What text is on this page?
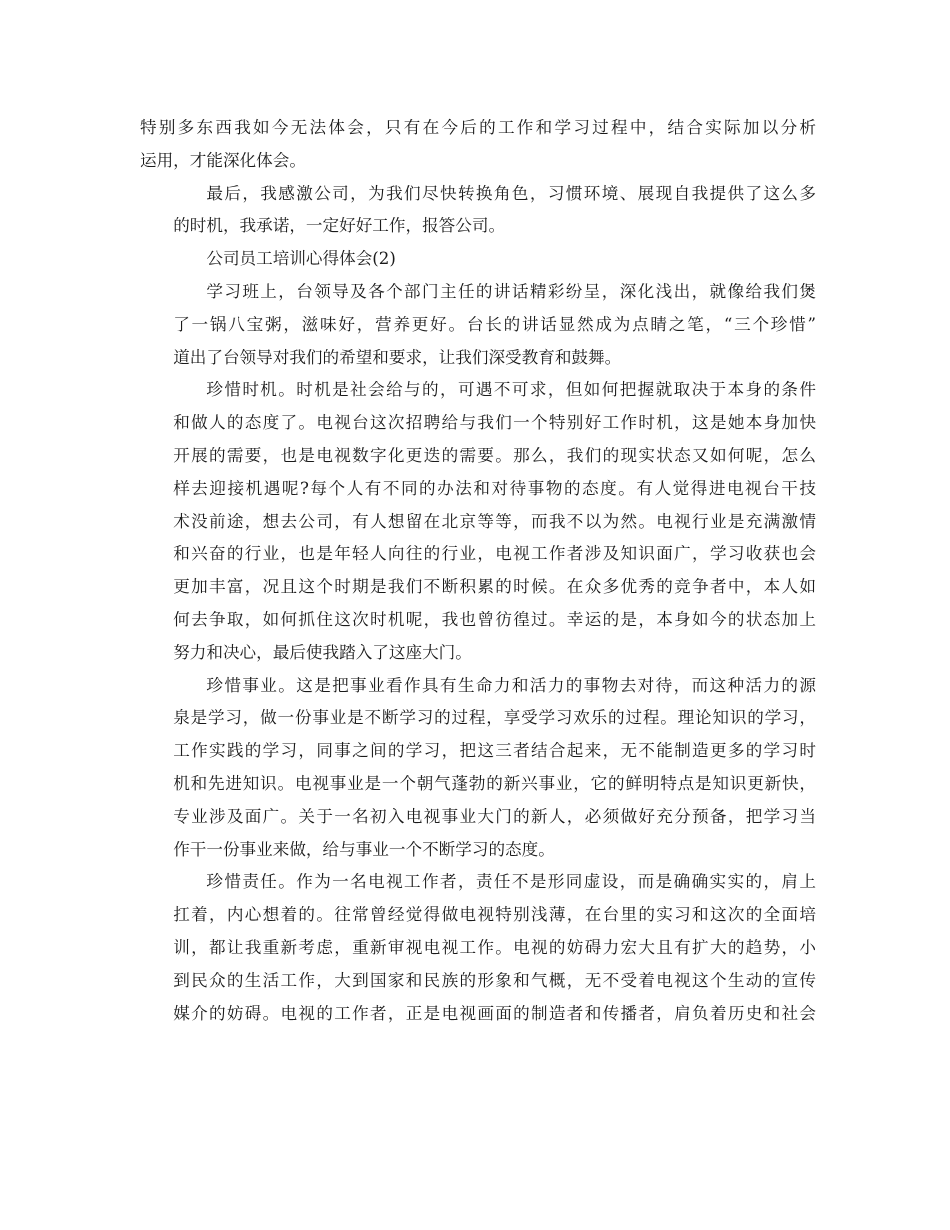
特别多东西我如今无法体会，只有在今后的工作和学习过程中，结合实际加以分析
运用，才能深化体会。
最后，我感激公司，为我们尽快转换角色，习惯环境、展现自我提供了这么多
的时机，我承诺，一定好好工作，报答公司。
公司员工培训心得体会(2)
学习班上，台领导及各个部门主任的讲话精彩纷呈，深化浅出，就像给我们煲
了一锅八宝粥，滋味好，营养更好。台长的讲话显然成为点睛之笔，“三个珍惜”
道出了台领导对我们的希望和要求，让我们深受教育和鼓舞。
珍惜时机。时机是社会给与的，可遇不可求，但如何把握就取决于本身的条件
和做人的态度了。电视台这次招聘给与我们一个特别好工作时机，这是她本身加快
开展的需要，也是电视数字化更迭的需要。那么，我们的现实状态又如何呢，怎么
样去迎接机遇呢?每个人有不同的办法和对待事物的态度。有人觉得进电视台干技
术没前途，想去公司，有人想留在北京等等，而我不以为然。电视行业是充满激情
和兴奋的行业，也是年轻人向往的行业，电视工作者涉及知识面广，学习收获也会
更加丰富，况且这个时期是我们不断积累的时候。在众多优秀的竞争者中，本人如
何去争取，如何抓住这次时机呢，我也曾彷徨过。幸运的是，本身如今的状态加上
努力和决心，最后使我踏入了这座大门。
珍惜事业。这是把事业看作具有生命力和活力的事物去对待，而这种活力的源
泉是学习，做一份事业是不断学习的过程，享受学习欢乐的过程。理论知识的学习，
工作实践的学习，同事之间的学习，把这三者结合起来，无不能制造更多的学习时
机和先进知识。电视事业是一个朝气蓬勃的新兴事业，它的鲜明特点是知识更新快，
专业涉及面广。关于一名初入电视事业大门的新人，必须做好充分预备，把学习当
作干一份事业来做，给与事业一个不断学习的态度。
珍惜责任。作为一名电视工作者，责任不是形同虚设，而是确确实实的，肩上
扛着，内心想着的。往常曾经觉得做电视特别浅薄，在台里的实习和这次的全面培
训，都让我重新考虑，重新审视电视工作。电视的妨碍力宏大且有扩大的趋势，小
到民众的生活工作，大到国家和民族的形象和气概，无不受着电视这个生动的宣传
媒介的妨碍。电视的工作者，正是电视画面的制造者和传播者，肩负着历史和社会
